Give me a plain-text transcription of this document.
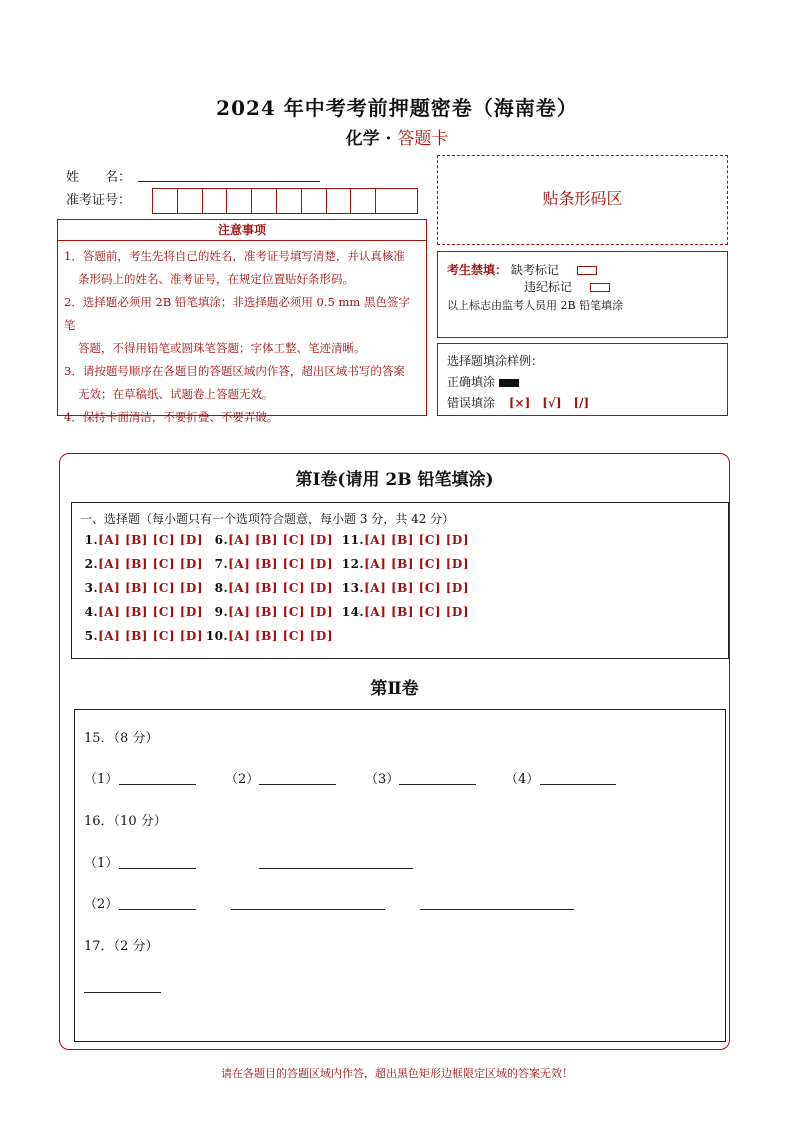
2024 年中考考前押题密卷（海南卷）
化学 · 答题卡
姓　　名：
准考证号：
注意事项

1．答题前，考生先将自己的姓名，准考证号填写清楚，并认真核准

条形码上的姓名、准考证号，在规定位置贴好条形码。

2．选择题必须用 2B 铅笔填涂；非选择题必须用 0.5 mm 黑色签字笔

答题，不得用铅笔或圆珠笔答题；字体工整、笔迹清晰。

3．请按题号顺序在各题目的答题区域内作答，超出区域书写的答案

无效；在草稿纸、试题卷上答题无效。

4．保持卡面清洁，不要折叠、不要弄破。

贴条形码区
考生禁填： 缺考标记
违纪标记
以上标志由监考人员用 2B 铅笔填涂
选择题填涂样例：
正确填涂
错误填涂 [×]　[√]　[/]
第Ⅰ卷(请用 2B 铅笔填涂)
一、选择题（每小题只有一个选项符合题意，每小题 3 分，共 42 分）
1.[A] [B] [C] [D]
2.[A] [B] [C] [D]
3.[A] [B] [C] [D]
4.[A] [B] [C] [D]
5.[A] [B] [C] [D]
6.[A] [B] [C] [D]
7.[A] [B] [C] [D]
8.[A] [B] [C] [D]
9.[A] [B] [C] [D]
10.[A] [B] [C] [D]
11.[A] [B] [C] [D]
12.[A] [B] [C] [D]
13.[A] [B] [C] [D]
14.[A] [B] [C] [D]
第Ⅱ卷
15．（8 分）
（1）	（2）	（3）	（4）
16．（10 分）
（1）
（2）
17．（2 分）
请在各题目的答题区域内作答，超出黑色矩形边框限定区域的答案无效！
